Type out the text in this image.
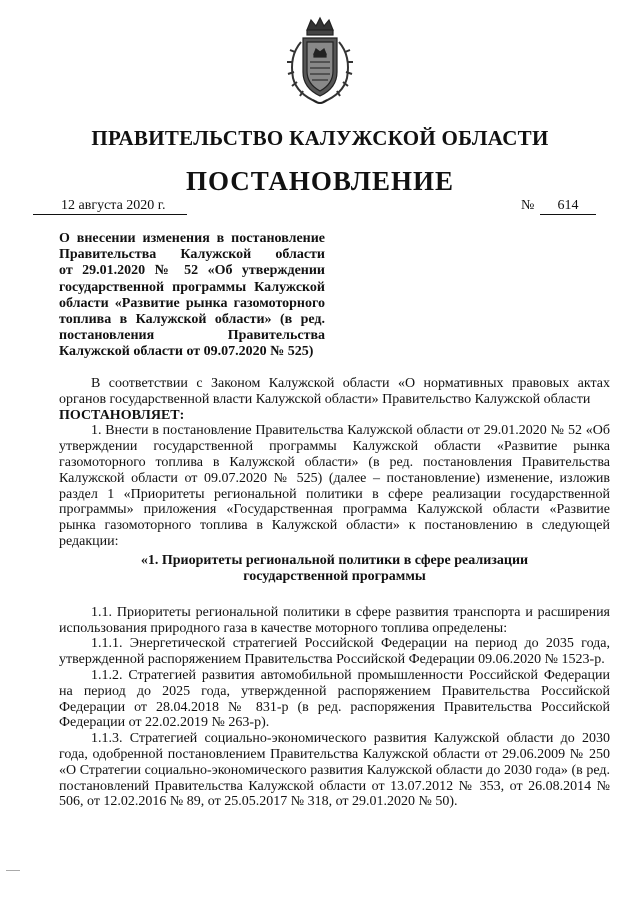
ПРАВИТЕЛЬСТВО КАЛУЖСКОЙ ОБЛАСТИ
ПОСТАНОВЛЕНИЕ
12 августа 2020 г.	№	614
О внесении изменения в постановление
Правительства Калужской области
от 29.01.2020 № 52 «Об утверждении
государственной программы Калужской
области «Развитие рынка газомоторного
топлива в Калужской области» (в ред.
постановления Правительства
Калужской области от 09.07.2020 № 525)

В соответствии с Законом Калужской области «О нормативных правовых актах органов государственной власти Калужской области» Правительство Калужской области

ПОСТАНОВЛЯЕТ:

1. Внести в постановление Правительства Калужской области от 29.01.2020 № 52 «Об утверждении государственной программы Калужской области «Развитие рынка газомоторного топлива в Калужской области» (в ред. постановления Правительства Калужской области от 09.07.2020 № 525) (далее – постановление) изменение, изложив раздел 1 «Приоритеты региональной политики в сфере реализации государственной программы» приложения «Государственная программа Калужской области «Развитие рынка газомоторного топлива в Калужской области» к постановлению в следующей редакции:

«1. Приоритеты региональной политики в сфере реализации

государственной программы

1.1. Приоритеты региональной политики в сфере развития транспорта и расширения использования природного газа в качестве моторного топлива определены:

1.1.1. Энергетической стратегией Российской Федерации на период до 2035 года, утвержденной распоряжением Правительства Российской Федерации 09.06.2020 № 1523-р.

1.1.2. Стратегией развития автомобильной промышленности Российской Федерации на период до 2025 года, утвержденной распоряжением Правительства Российской Федерации от 28.04.2018 № 831-р (в ред. распоряжения Правительства Российской Федерации от 22.02.2019 № 263-р).

1.1.3. Стратегией социально-экономического развития Калужской области до 2030 года, одобренной постановлением Правительства Калужской области от 29.06.2009 № 250 «О Стратегии социально-экономического развития Калужской области до 2030 года» (в ред. постановлений Правительства Калужской области от 13.07.2012 № 353, от 26.08.2014 № 506, от 12.02.2016 № 89, от 25.05.2017 № 318, от 29.01.2020 № 50).
